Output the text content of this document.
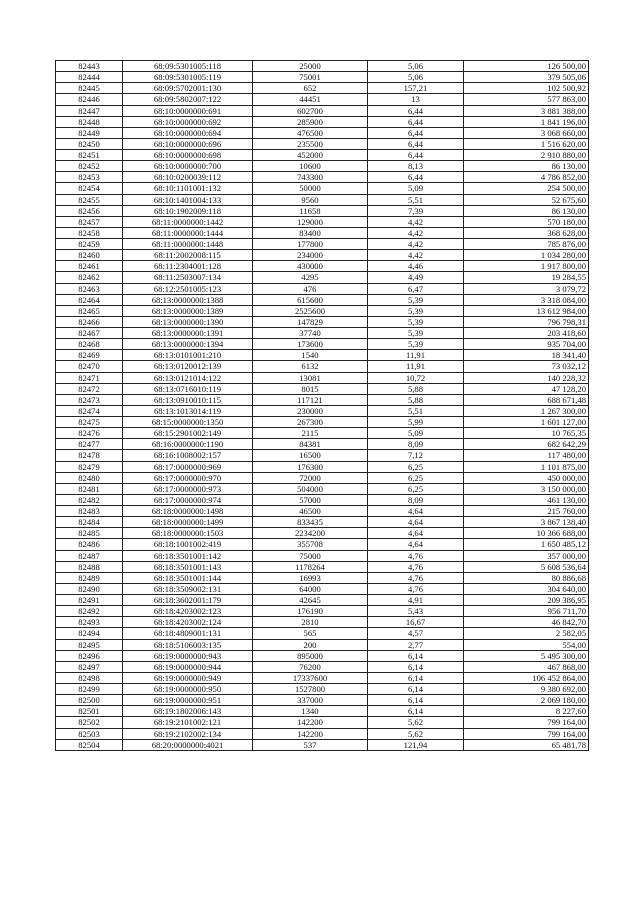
82443	68:09:5301005:118	25000	5,06	126 500,00
82444	68:09:5301005:119	75001	5,06	379 505,06
82445	68:09:5702001:130	652	157,21	102 500,92
82446	68:09:5802007:122	44451	13	577 863,00
82447	68:10:0000000:691	602700	6,44	3 881 388,00
82448	68:10:0000000:692	285900	6,44	1 841 196,00
82449	68:10:0000000:694	476500	6,44	3 068 660,00
82450	68:10:0000000:696	235500	6,44	1 516 620,00
82451	68:10:0000000:698	452000	6,44	2 910 880,00
82452	68:10:0000000:700	10600	8,13	86 130,00
82453	68:10:0200039:112	743300	6,44	4 786 852,00
82454	68:10:1101001:132	50000	5,09	254 500,00
82455	68:10:1401004:133	9560	5,51	52 675,60
82456	68:10:1902009:118	11658	7,39	86 130,00
82457	68:11:0000000:1442	129000	4,42	570 180,00
82458	68:11:0000000:1444	83400	4,42	368 628,00
82459	68:11:0000000:1448	177800	4,42	785 876,00
82460	68:11:2002008:115	234000	4,42	1 034 280,00
82461	68:11:2304001:128	430000	4,46	1 917 800,00
82462	68:11:2503007:134	4295	4,49	19 284,55
82463	68:12:2501005:123	476	6,47	3 079,72
82464	68:13:0000000:1388	615600	5,39	3 318 084,00
82465	68:13:0000000:1389	2525600	5,39	13 612 984,00
82466	68:13:0000000:1390	147829	5,39	796 798,31
82467	68:13:0000000:1391	37740	5,39	203 418,60
82468	68:13:0000000:1394	173600	5,39	935 704,00
82469	68:13:0101001:210	1540	11,91	18 341,40
82470	68:13:0120012:139	6132	11,91	73 032,12
82471	68:13:0121014:122	13081	10,72	140 228,32
82472	68:13:0716010:119	8015	5,88	47 128,20
82473	68:13:0910010:115	117121	5,88	688 671,48
82474	68:13:1013014:119	230000	5,51	1 267 300,00
82475	68:15:0000000:1350	267300	5,99	1 601 127,00
82476	68:15:2901002:149	2115	5,09	10 765,35
82477	68:16:0000000:1190	84381	8,09	682 642,29
82478	68:16:1008002:157	16500	7,12	117 480,00
82479	68:17:0000000:969	176300	6,25	1 101 875,00
82480	68:17:0000000:970	72000	6,25	450 000,00
82481	68:17:0000000:973	504000	6,25	3 150 000,00
82482	68:17:0000000:974	57000	8,09	461 130,00
82483	68:18:0000000:1498	46500	4,64	215 760,00
82484	68:18:0000000:1499	833435	4,64	3 867 138,40
82485	68:18:0000000:1503	2234200	4,64	10 366 688,00
82486	68:18:1001002:419	355708	4,64	1 650 485,12
82487	68:18:3501001:142	75000	4,76	357 000,00
82488	68:18:3501001:143	1178264	4,76	5 608 536,64
82489	68:18:3501001:144	16993	4,76	80 886,68
82490	68:18:3509002:131	64000	4,76	304 640,00
82491	68:18:3602001:179	42645	4,91	209 386,95
82492	68:18:4203002:123	176190	5,43	956 711,70
82493	68:18:4203002:124	2810	16,67	46 842,70
82494	68:18:4809001:131	565	4,57	2 582,05
82495	68:18:5106003:135	200	2,77	554,00
82496	68:19:0000000:943	895000	6,14	5 495 300,00
82497	68:19:0000000:944	76200	6,14	467 868,00
82498	68:19:0000000:949	17337600	6,14	106 452 864,00
82499	68:19:0000000:950	1527800	6,14	9 380 692,00
82500	68:19:0000000:951	337000	6,14	2 069 180,00
82501	68:19:1802006:143	1340	6,14	8 227,60
82502	68:19:2101002:121	142200	5,62	799 164,00
82503	68:19:2102002:134	142200	5,62	799 164,00
82504	68:20:0000000:4021	537	121,94	65 481,78
